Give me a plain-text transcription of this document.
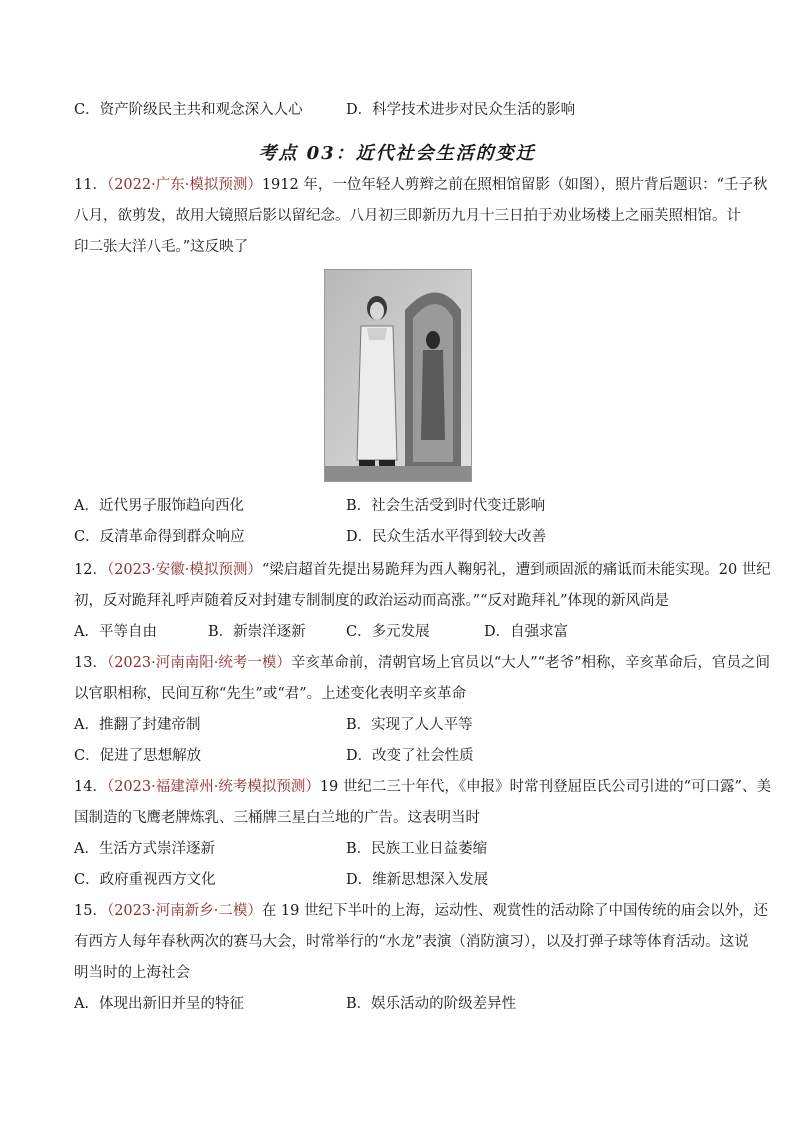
C．资产阶级民主共和观念深入人心	D．科学技术进步对民众生活的影响
考点 03：近代社会生活的变迁
11．（2022·广东·模拟预测）1912 年，一位年轻人剪辫之前在照相馆留影（如图），照片背后题识：“壬子秋
八月，欲剪发，故用大镜照后影以留纪念。八月初三即新历九月十三日拍于劝业场楼上之丽芙照相馆。计
印二张大洋八毛。”这反映了
A．近代男子服饰趋向西化	B．社会生活受到时代变迁影响
C．反清革命得到群众响应	D．民众生活水平得到较大改善
12．（2023·安徽·模拟预测）“梁启超首先提出易跪拜为西人鞠躬礼，遭到顽固派的痛诋而未能实现。20 世纪
初，反对跪拜礼呼声随着反对封建专制制度的政治运动而高涨。”“反对跪拜礼”体现的新风尚是
A．平等自由	B．新崇洋逐新	C．多元发展	D．自强求富
13．（2023·河南南阳·统考一模）辛亥革命前，清朝官场上官员以“大人”“老爷”相称，辛亥革命后，官员之间
以官职相称，民间互称“先生”或“君”。上述变化表明辛亥革命
A．推翻了封建帝制	B．实现了人人平等
C．促进了思想解放	D．改变了社会性质
14．（2023·福建漳州·统考模拟预测）19 世纪二三十年代，《申报》时常刊登屈臣氏公司引进的“可口露”、美
国制造的飞鹰老牌炼乳、三桶牌三星白兰地的广告。这表明当时
A．生活方式崇洋逐新	B．民族工业日益萎缩
C．政府重视西方文化	D．维新思想深入发展
15．（2023·河南新乡·二模）在 19 世纪下半叶的上海，运动性、观赏性的活动除了中国传统的庙会以外，还
有西方人每年春秋两次的赛马大会，时常举行的“水龙”表演（消防演习），以及打弹子球等体育活动。这说
明当时的上海社会
A．体现出新旧并呈的特征	B．娱乐活动的阶级差异性
